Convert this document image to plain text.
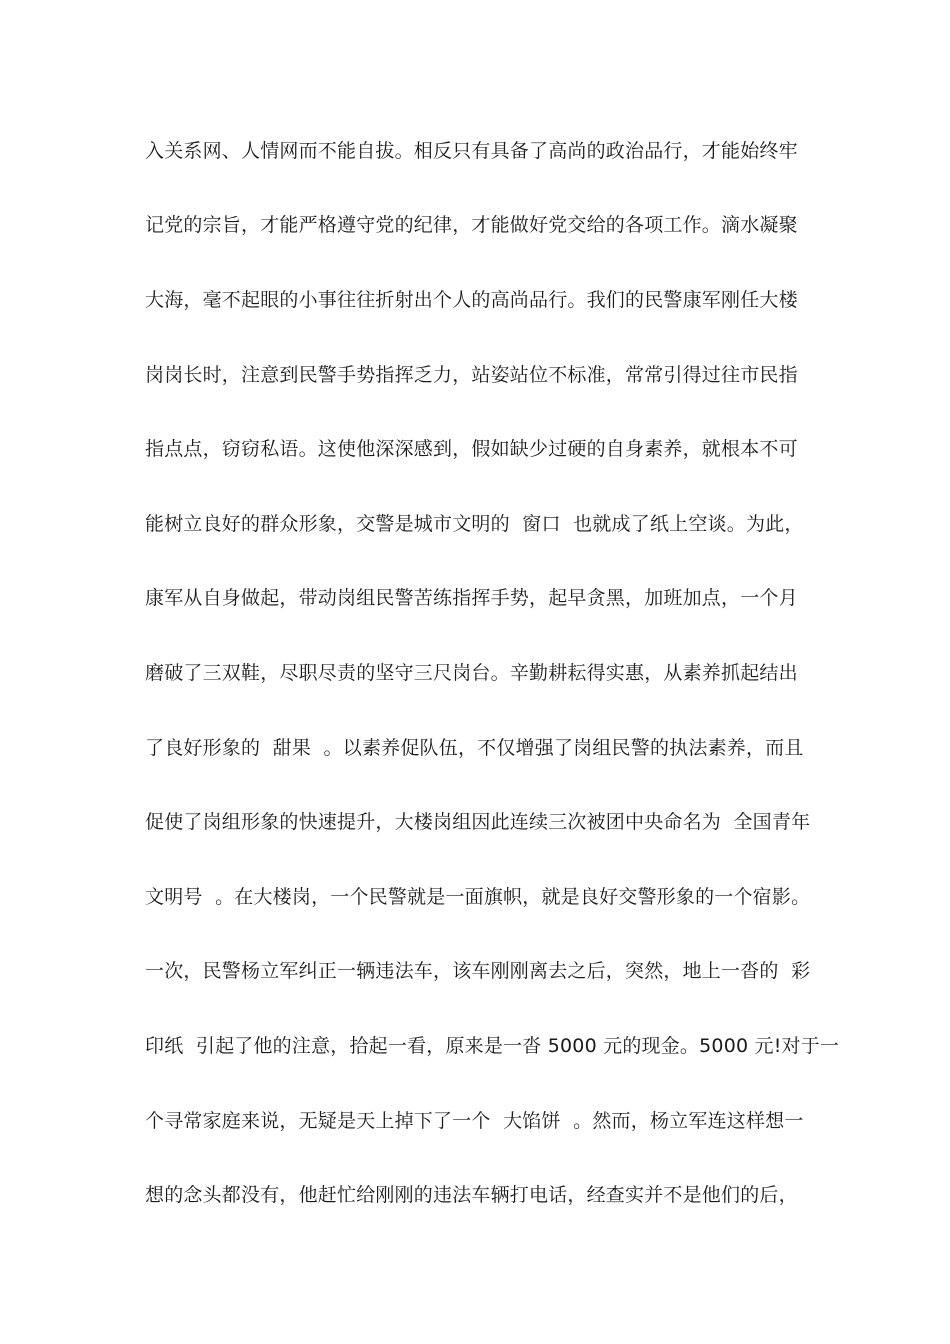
入关系网、人情网而不能自拔。相反只有具备了高尚的政治品行，才能始终牢
记党的宗旨，才能严格遵守党的纪律，才能做好党交给的各项工作。滴水凝聚
大海，毫不起眼的小事往往折射出个人的高尚品行。我们的民警康军刚任大楼
岗岗长时，注意到民警手势指挥乏力，站姿站位不标准，常常引得过往市民指
指点点，窃窃私语。这使他深深感到，假如缺少过硬的自身素养，就根本不可
能树立良好的群众形象，交警是城市文明的  窗口  也就成了纸上空谈。为此，
康军从自身做起，带动岗组民警苦练指挥手势，起早贪黑，加班加点，一个月
磨破了三双鞋，尽职尽责的坚守三尺岗台。辛勤耕耘得实惠，从素养抓起结出
了良好形象的  甜果  。以素养促队伍，不仅增强了岗组民警的执法素养，而且
促使了岗组形象的快速提升，大楼岗组因此连续三次被团中央命名为  全国青年
文明号  。在大楼岗，一个民警就是一面旗帜，就是良好交警形象的一个宿影。
一次，民警杨立军纠正一辆违法车，该车刚刚离去之后，突然，地上一沓的  彩
印纸  引起了他的注意，拾起一看，原来是一沓 5000 元的现金。5000 元!对于一
个寻常家庭来说，无疑是天上掉下了一个  大馅饼  。然而，杨立军连这样想一
想的念头都没有，他赶忙给刚刚的违法车辆打电话，经查实并不是他们的后，
